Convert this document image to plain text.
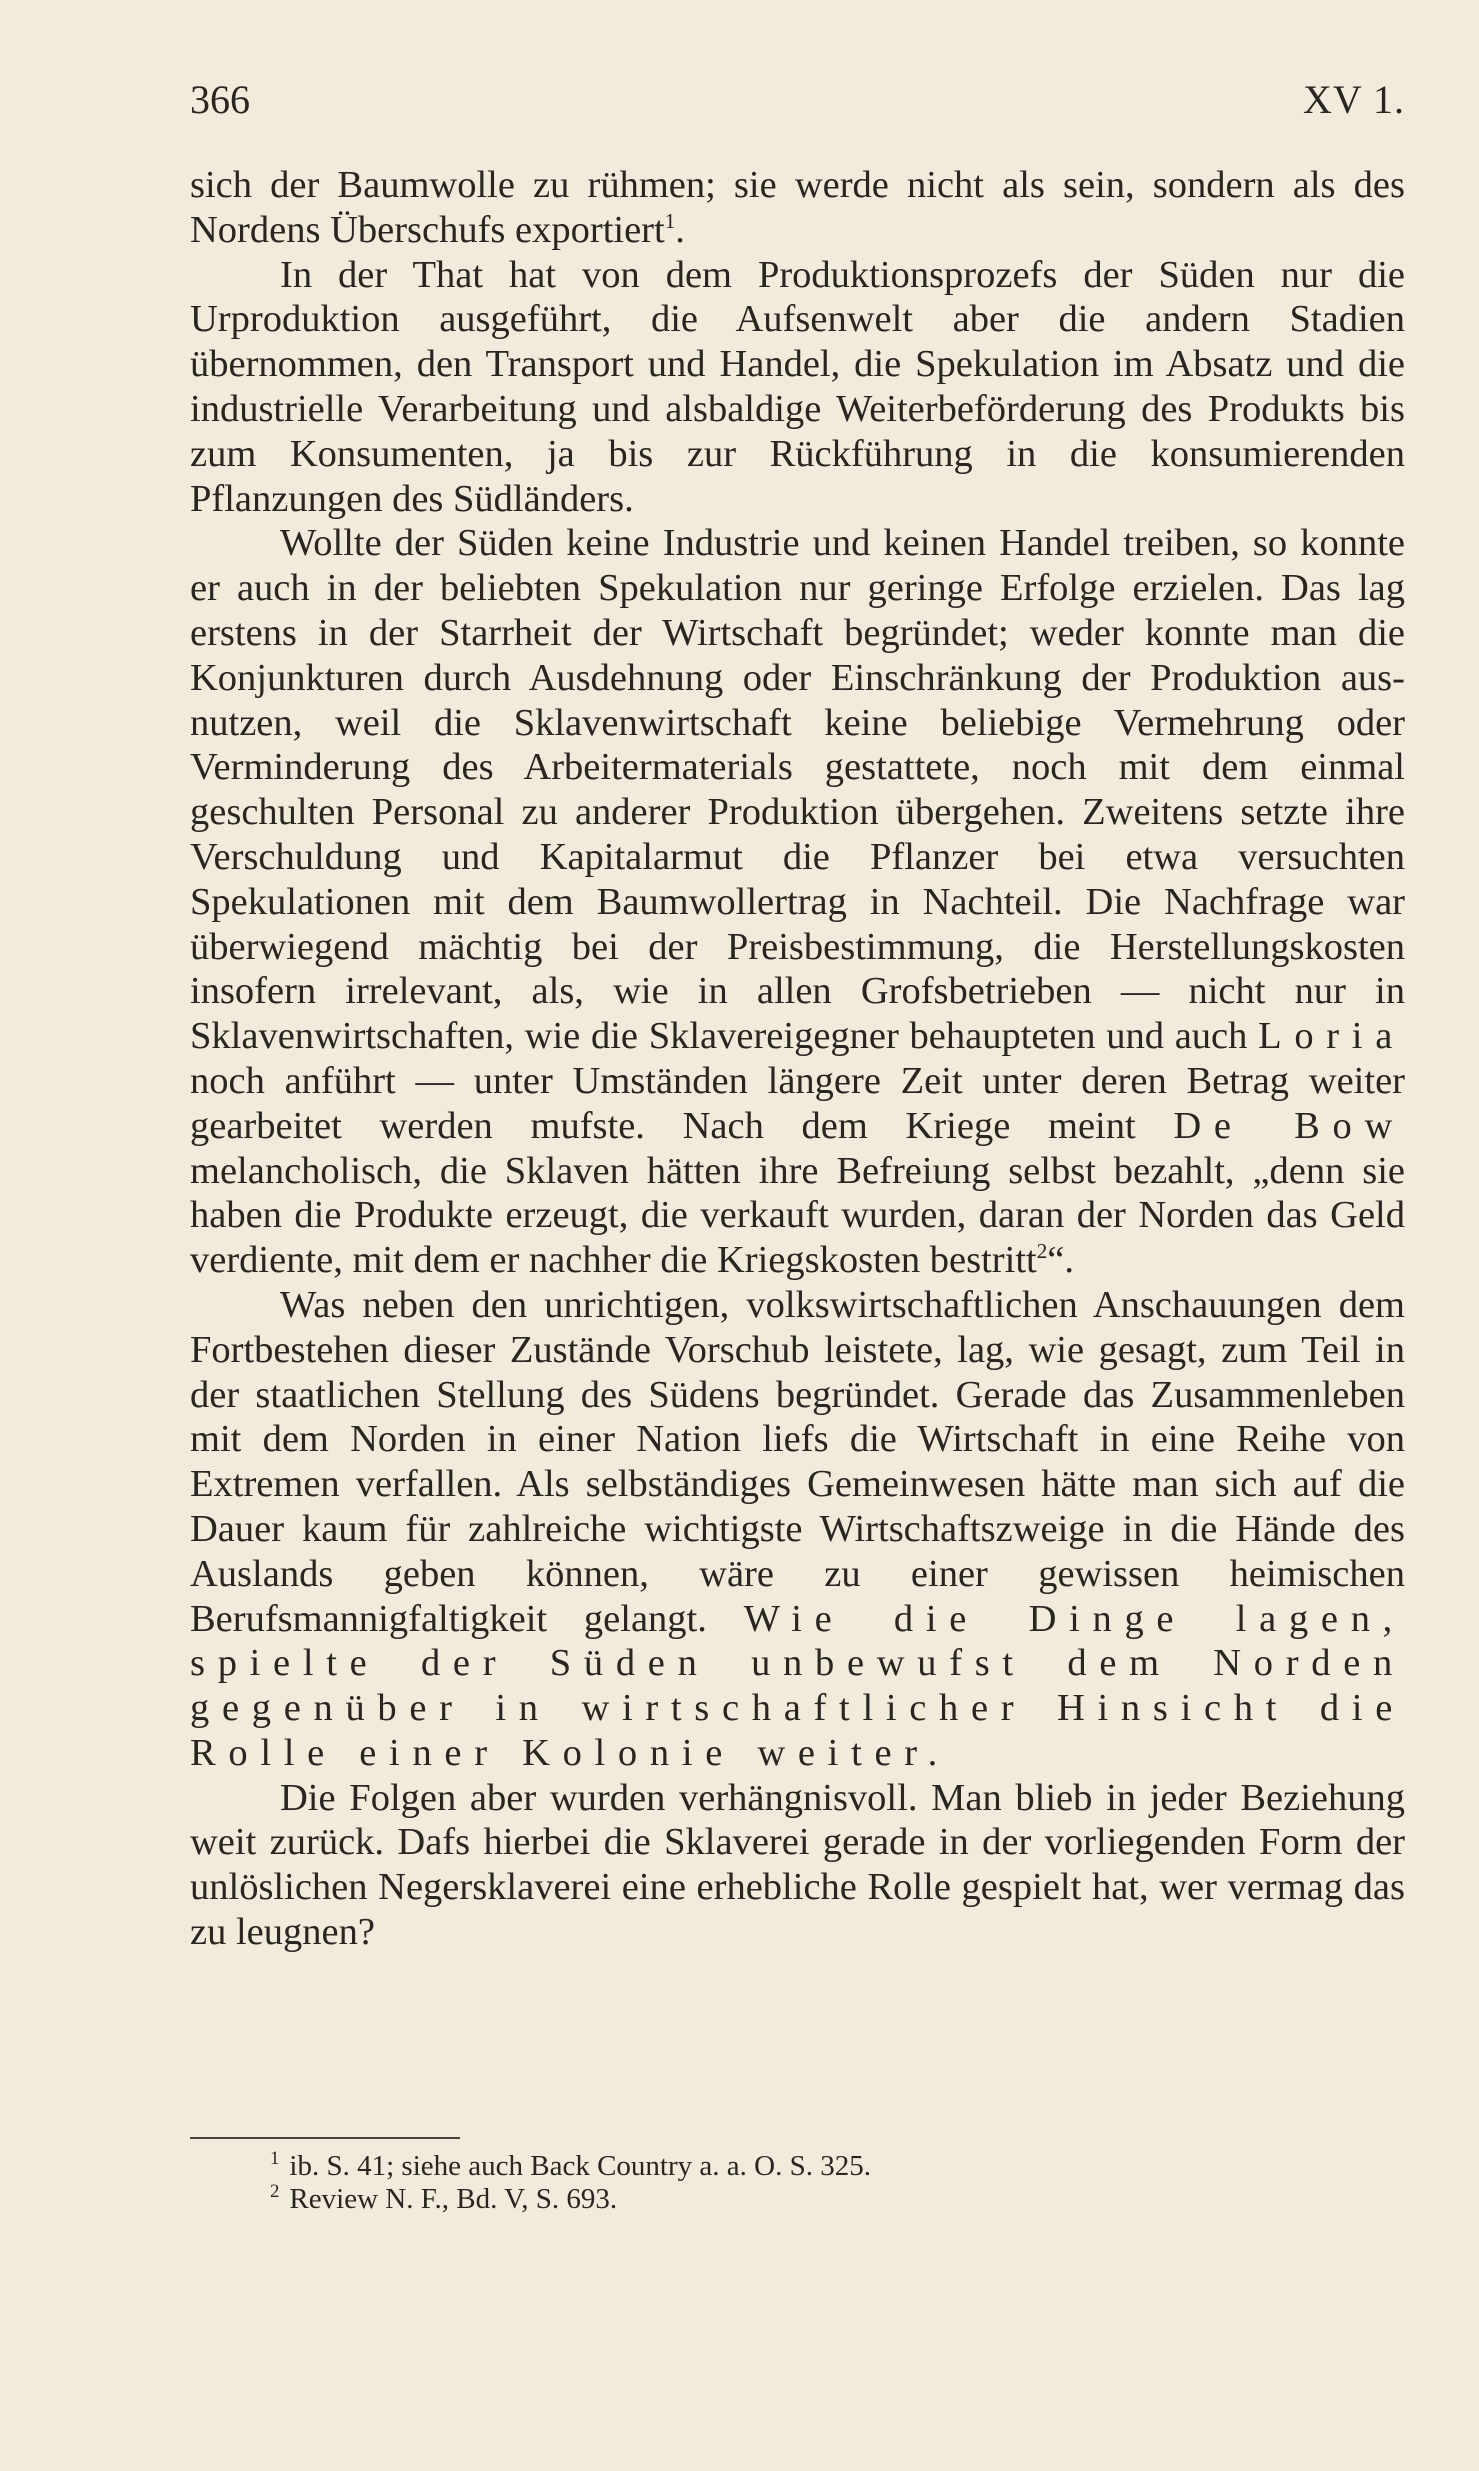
366	XV 1.

sich der Baumwolle zu rühmen; sie werde nicht als sein, sondern als des Nordens Überschufs exportiert$^1$.

In der That hat von dem Produktionsprozefs der Süden nur die Urproduktion ausgeführt, die Aufsenwelt aber die andern Stadien übernommen, den Transport und Handel, die Spekulation im Absatz und die industrielle Verarbeitung und alsbaldige Weiterbeförderung des Produkts bis zum Konsumenten, ja bis zur Rückführung in die konsumierenden Pflanzungen des Südländers.

Wollte der Süden keine Industrie und keinen Handel treiben, so konnte er auch in der beliebten Spekulation nur geringe Erfolge erzielen. Das lag erstens in der Starrheit der Wirtschaft begründet; weder konnte man die Konjunkturen durch Ausdehnung oder Einschränkung der Produktion ausnutzen, weil die Sklavenwirtschaft keine beliebige Vermehrung oder Verminderung des Arbeitermaterials gestattete, noch mit dem einmal geschulten Personal zu anderer Produktion übergehen. Zweitens setzte ihre Verschuldung und Kapitalarmut die Pflanzer bei etwa versuchten Spekulationen mit dem Baumwollertrag in Nachteil. Die Nachfrage war überwiegend mächtig bei der Preisbestimmung, die Herstellungskosten insofern irrelevant, als, wie in allen Grofsbetrieben — nicht nur in Sklavenwirtschaften, wie die Sklavereigegner behaupteten und auch Loria noch anführt — unter Umständen längere Zeit unter deren Betrag weiter gearbeitet werden mufste. Nach dem Kriege meint De Bow melancholisch, die Sklaven hätten ihre Befreiung selbst bezahlt, „denn sie haben die Produkte erzeugt, die verkauft wurden, daran der Norden das Geld verdiente, mit dem er nachher die Kriegskosten bestritt$^2$“.

Was neben den unrichtigen, volkswirtschaftlichen Anschauungen dem Fortbestehen dieser Zustände Vorschub leistete, lag, wie gesagt, zum Teil in der staatlichen Stellung des Südens begründet. Gerade das Zusammenleben mit dem Norden in einer Nation liefs die Wirtschaft in eine Reihe von Extremen verfallen. Als selbständiges Gemeinwesen hätte man sich auf die Dauer kaum für zahlreiche wichtigste Wirtschaftszweige in die Hände des Auslands geben können, wäre zu einer gewissen heimischen Berufsmannigfaltigkeit gelangt. Wie die Dinge lagen, spielte der Süden unbewufst dem Norden gegenüber in wirtschaftlicher Hinsicht die Rolle einer Kolonie weiter.

Die Folgen aber wurden verhängnisvoll. Man blieb in jeder Beziehung weit zurück. Dafs hierbei die Sklaverei gerade in der vorliegenden Form der unlöslichen Negersklaverei eine erhebliche Rolle gespielt hat, wer vermag das zu leugnen?

$^1$ ib. S. 41; siehe auch Back Country a. a. O. S. 325.
$^2$ Review N. F., Bd. V, S. 693.
